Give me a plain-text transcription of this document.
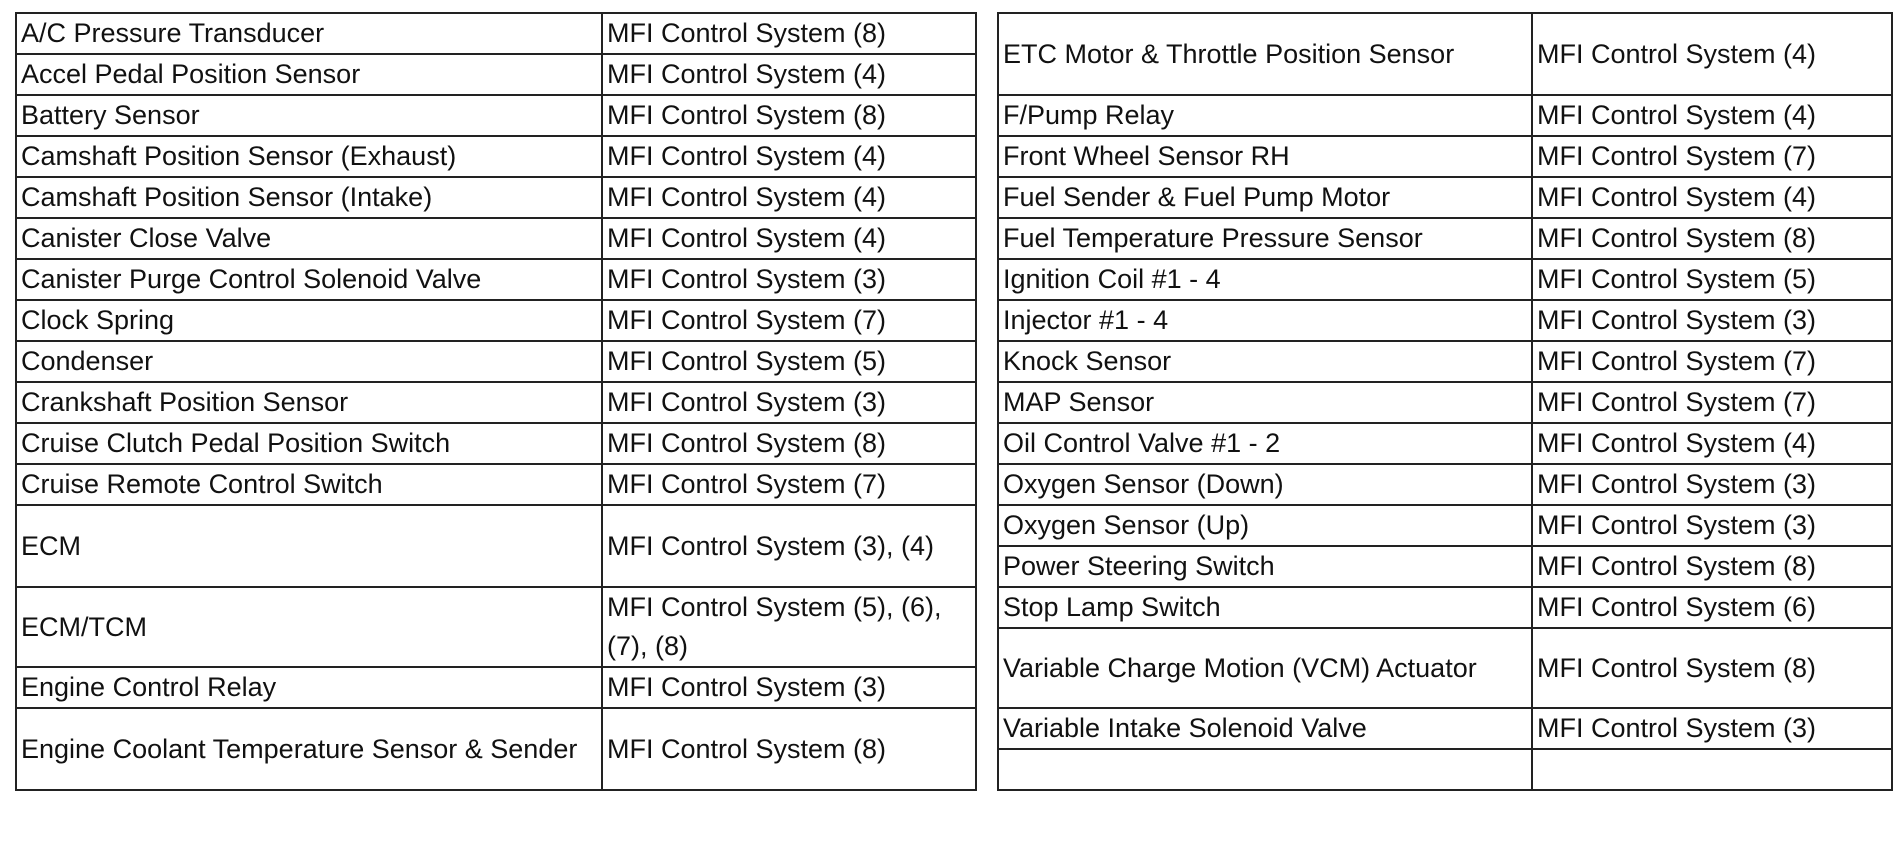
A/C Pressure Transducer	MFI Control System (8)		ETC Motor & Throttle Position Sensor	MFI Control System (4)
Accel Pedal Position Sensor	MFI Control System (4)			
Battery Sensor	MFI Control System (8)		F/Pump Relay	MFI Control System (4)
Camshaft Position Sensor (Exhaust)	MFI Control System (4)		Front Wheel Sensor RH	MFI Control System (7)
Camshaft Position Sensor (Intake)	MFI Control System (4)		Fuel Sender & Fuel Pump Motor	MFI Control System (4)
Canister Close Valve	MFI Control System (4)		Fuel Temperature Pressure Sensor	MFI Control System (8)
Canister Purge Control Solenoid Valve	MFI Control System (3)		Ignition Coil #1 - 4	MFI Control System (5)
Clock Spring	MFI Control System (7)		Injector #1 - 4	MFI Control System (3)
Condenser	MFI Control System (5)		Knock Sensor	MFI Control System (7)
Crankshaft Position Sensor	MFI Control System (3)		MAP Sensor	MFI Control System (7)
Cruise Clutch Pedal Position Switch	MFI Control System (8)		Oil Control Valve #1 - 2	MFI Control System (4)
Cruise Remote Control Switch	MFI Control System (7)		Oxygen Sensor (Down)	MFI Control System (3)
ECM	MFI Control System (3), (4)		Oxygen Sensor (Up)	MFI Control System (3)
			Power Steering Switch	MFI Control System (8)
ECM/TCM	MFI Control System (5), (6), (7), (8)		Stop Lamp Switch	MFI Control System (6)
			Variable Charge Motion (VCM) Actuator	MFI Control System (8)
Engine Control Relay	MFI Control System (3)			
Engine Coolant Temperature Sensor & Sender	MFI Control System (8)		Variable Intake Solenoid Valve	MFI Control System (3)
